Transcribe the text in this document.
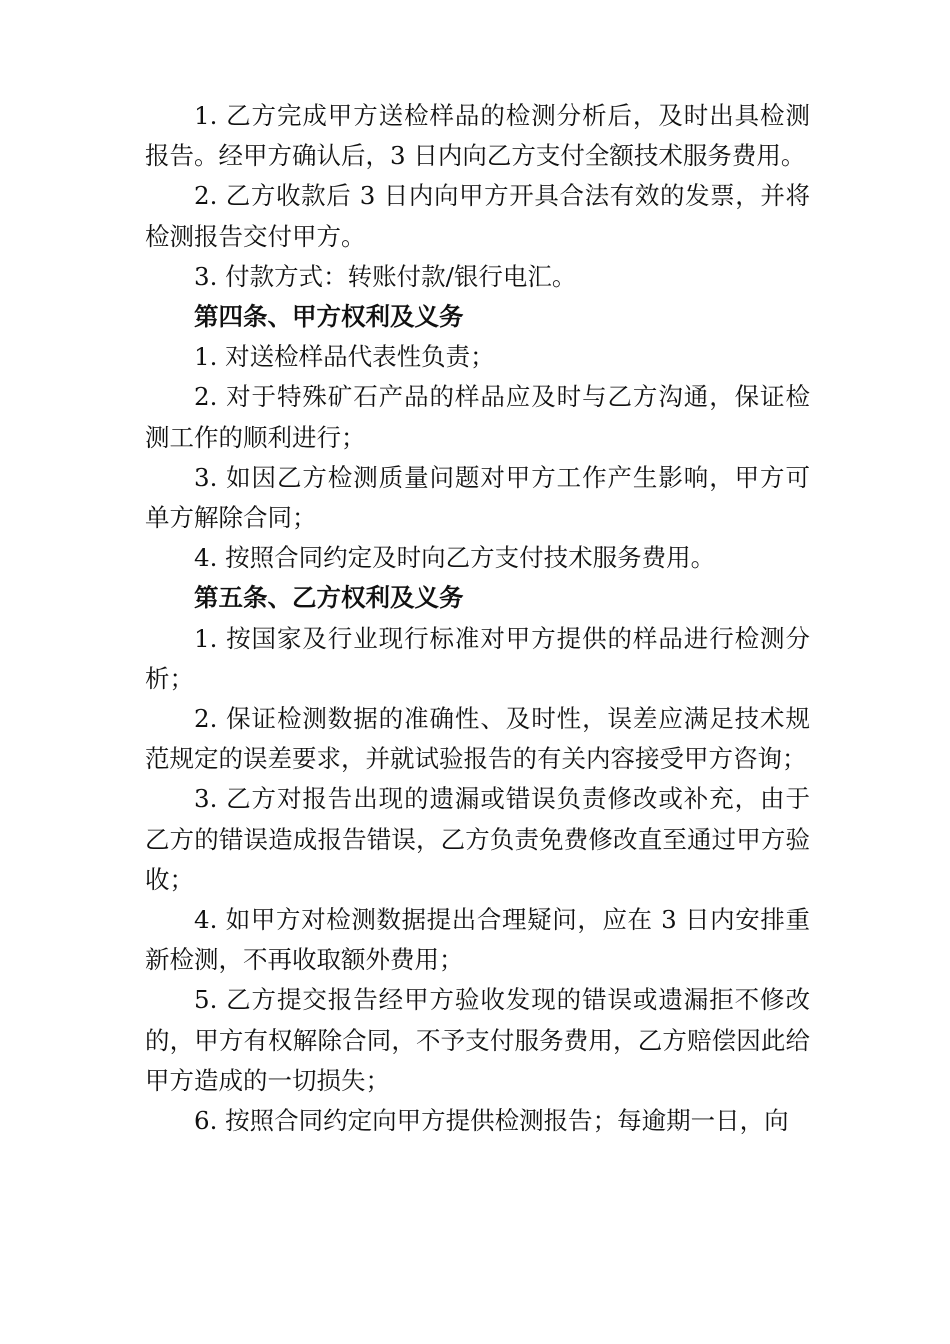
1. 乙方完成甲方送检样品的检测分析后，及时出具检测报告。经甲方确认后，3 日内向乙方支付全额技术服务费用。

2. 乙方收款后 3 日内向甲方开具合法有效的发票，并将检测报告交付甲方。

3. 付款方式：转账付款/银行电汇。

第四条、甲方权利及义务

1. 对送检样品代表性负责；

2. 对于特殊矿石产品的样品应及时与乙方沟通，保证检测工作的顺利进行；

3. 如因乙方检测质量问题对甲方工作产生影响，甲方可单方解除合同；

4. 按照合同约定及时向乙方支付技术服务费用。

第五条、乙方权利及义务

1. 按国家及行业现行标准对甲方提供的样品进行检测分析；

2. 保证检测数据的准确性、及时性，误差应满足技术规范规定的误差要求，并就试验报告的有关内容接受甲方咨询；

3. 乙方对报告出现的遗漏或错误负责修改或补充，由于乙方的错误造成报告错误，乙方负责免费修改直至通过甲方验收；

4. 如甲方对检测数据提出合理疑问，应在 3 日内安排重新检测，不再收取额外费用；

5. 乙方提交报告经甲方验收发现的错误或遗漏拒不修改的，甲方有权解除合同，不予支付服务费用，乙方赔偿因此给甲方造成的一切损失；

6. 按照合同约定向甲方提供检测报告；每逾期一日，向
